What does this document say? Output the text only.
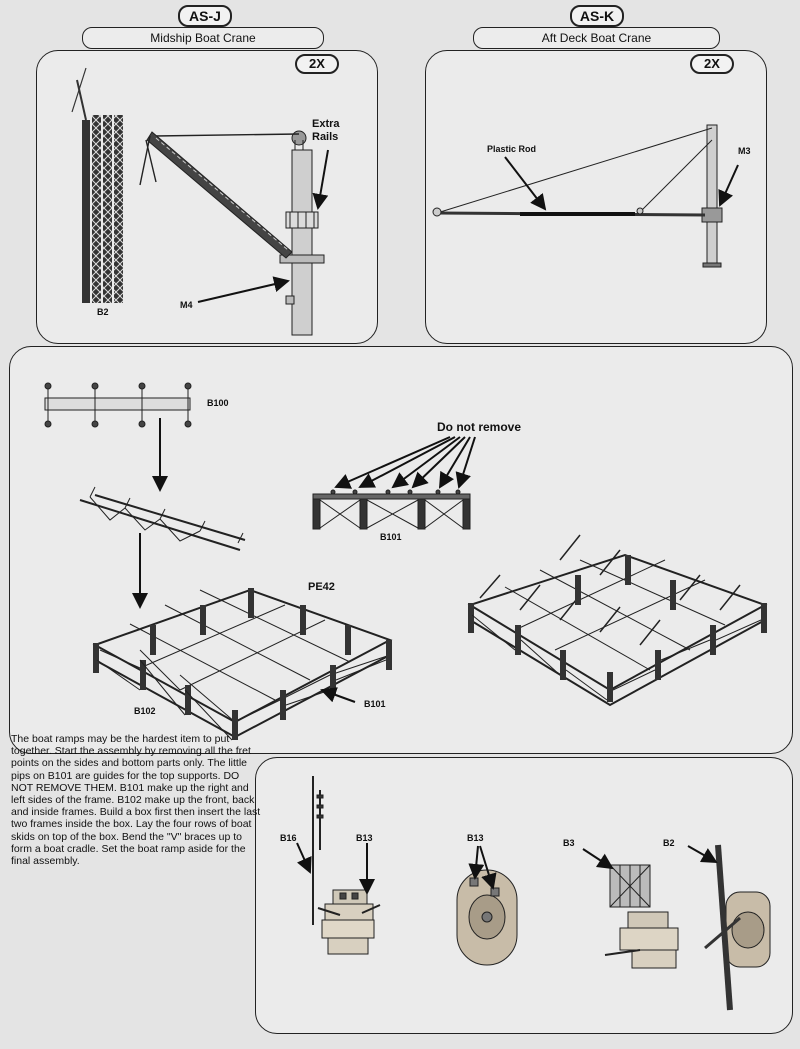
AS-J
Midship Boat Crane
AS-K
Aft Deck Boat Crane
2X	2X
Extra Rails
B2
M4
Plastic Rod	M3
B100
Do not remove
B101
PE42
B102
B101
The boat ramps may be the hardest item to put together. Start the assembly by removing all the fret points on the sides and bottom parts only. The little pips on B101 are guides for the top supports. DO NOT REMOVE THEM. B101 make up the right and left sides of the frame. B102 make up the front, back and inside frames. Build a box first then insert the last two frames inside the box. Lay the four rows of boat skids on top of the box. Bend the "V" braces up to form a boat cradle. Set the boat ramp aside for the final assembly.
B16	B13	B13	B3	B2
